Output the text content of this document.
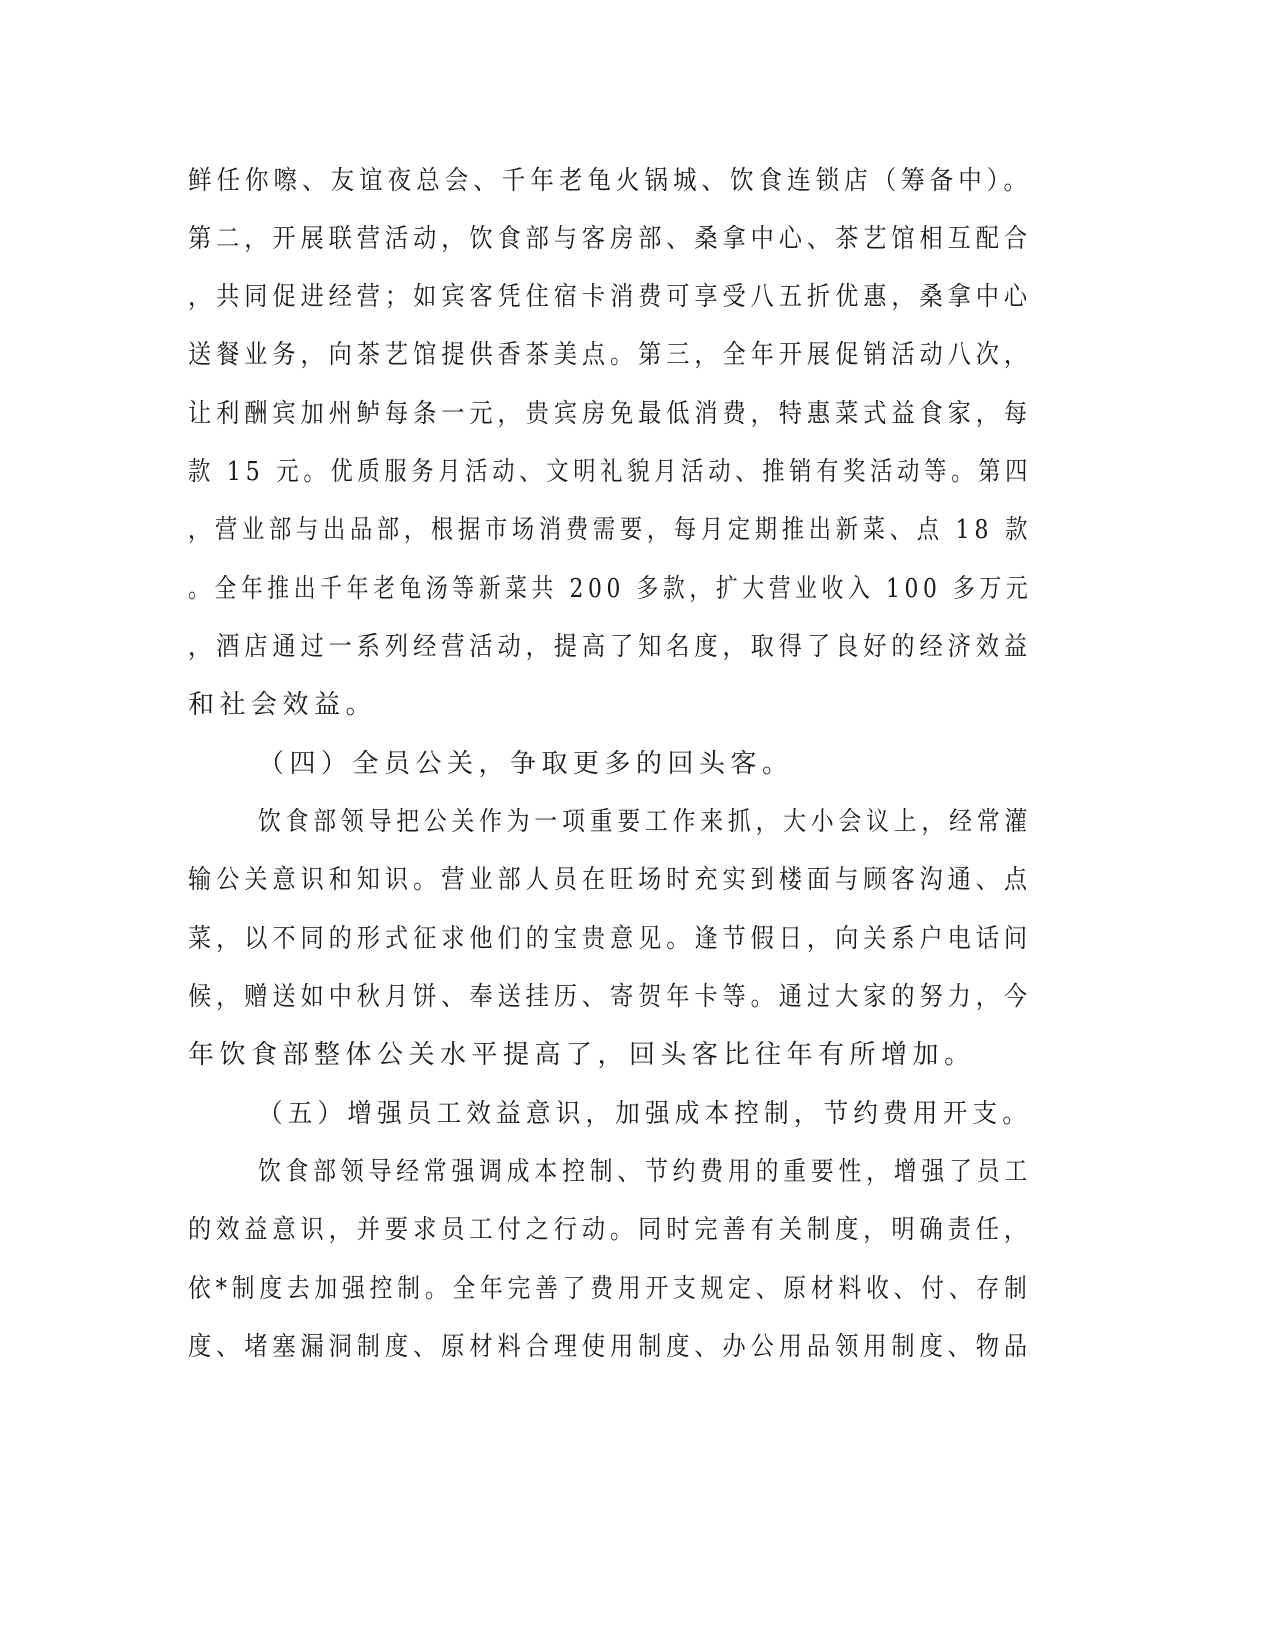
鲜任你嚓、友谊夜总会、千年老龟火锅城、饮食连锁店（筹备中）。
第二，开展联营活动，饮食部与客房部、桑拿中心、茶艺馆相互配合
，共同促进经营；如宾客凭住宿卡消费可享受八五折优惠，桑拿中心
送餐业务，向茶艺馆提供香茶美点。第三，全年开展促销活动八次，
让利酬宾加州鲈每条一元，贵宾房免最低消费，特惠菜式益食家，每
款 15 元。优质服务月活动、文明礼貌月活动、推销有奖活动等。第四
，营业部与出品部，根据市场消费需要，每月定期推出新菜、点 18 款
。全年推出千年老龟汤等新菜共 200 多款，扩大营业收入 100 多万元
，酒店通过一系列经营活动，提高了知名度，取得了良好的经济效益
和社会效益。
（四）全员公关，争取更多的回头客。
饮食部领导把公关作为一项重要工作来抓，大小会议上，经常灌
输公关意识和知识。营业部人员在旺场时充实到楼面与顾客沟通、点
菜，以不同的形式征求他们的宝贵意见。逢节假日，向关系户电话问
候，赠送如中秋月饼、奉送挂历、寄贺年卡等。通过大家的努力，今
年饮食部整体公关水平提高了，回头客比往年有所增加。
（五）增强员工效益意识，加强成本控制，节约费用开支。
饮食部领导经常强调成本控制、节约费用的重要性，增强了员工
的效益意识，并要求员工付之行动。同时完善有关制度，明确责任，
依*制度去加强控制。全年完善了费用开支规定、原材料收、付、存制
度、堵塞漏洞制度、原材料合理使用制度、办公用品领用制度、物品
